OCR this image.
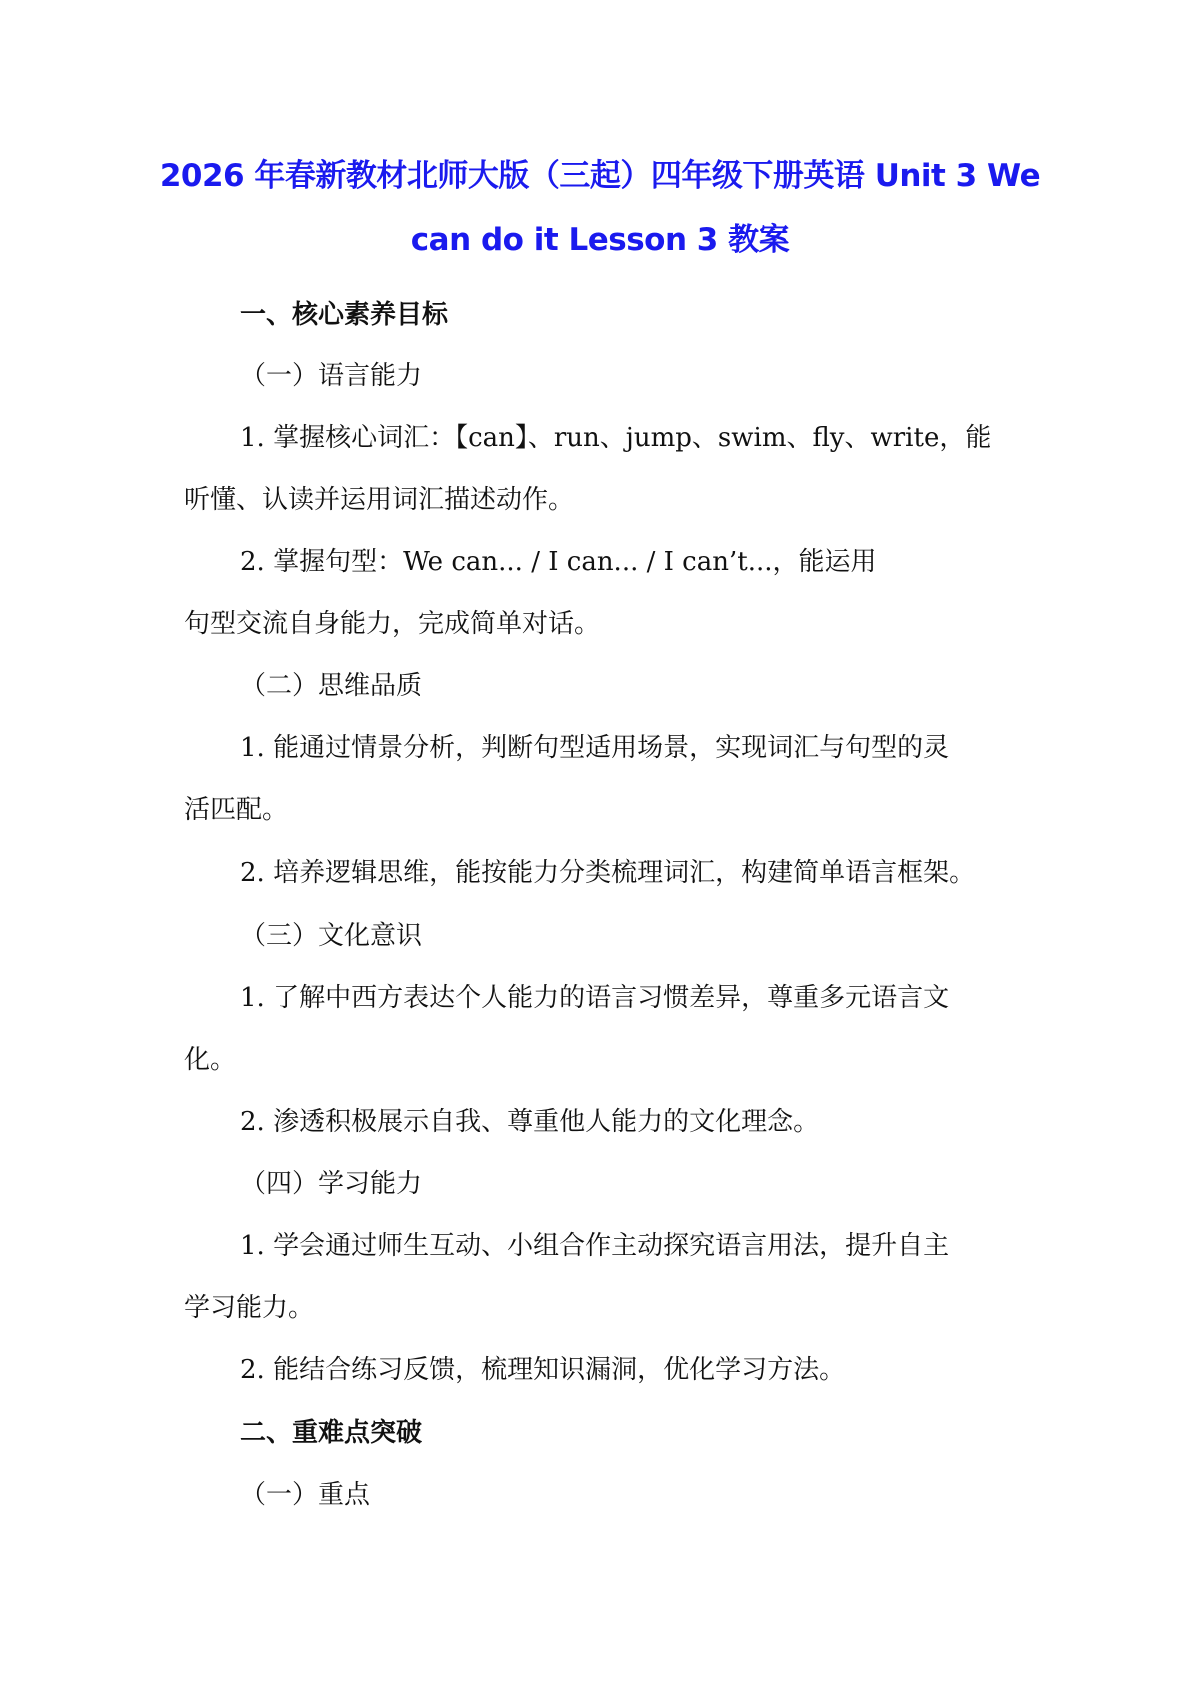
2026 年春新教材北师大版（三起）四年级下册英语 Unit 3 We
can do it Lesson 3 教案

一、核心素养目标

（一）语言能力

1. 掌握核心词汇：【can】、run、jump、swim、fly、write，能

听懂、认读并运用词汇描述动作。

2. 掌握句型：We can... / I can... / I can’t...，能运用

句型交流自身能力，完成简单对话。

（二）思维品质

1. 能通过情景分析，判断句型适用场景，实现词汇与句型的灵

活匹配。

2. 培养逻辑思维，能按能力分类梳理词汇，构建简单语言框架。

（三）文化意识

1. 了解中西方表达个人能力的语言习惯差异，尊重多元语言文

化。

2. 渗透积极展示自我、尊重他人能力的文化理念。

（四）学习能力

1. 学会通过师生互动、小组合作主动探究语言用法，提升自主

学习能力。

2. 能结合练习反馈，梳理知识漏洞，优化学习方法。

二、重难点突破

（一）重点
